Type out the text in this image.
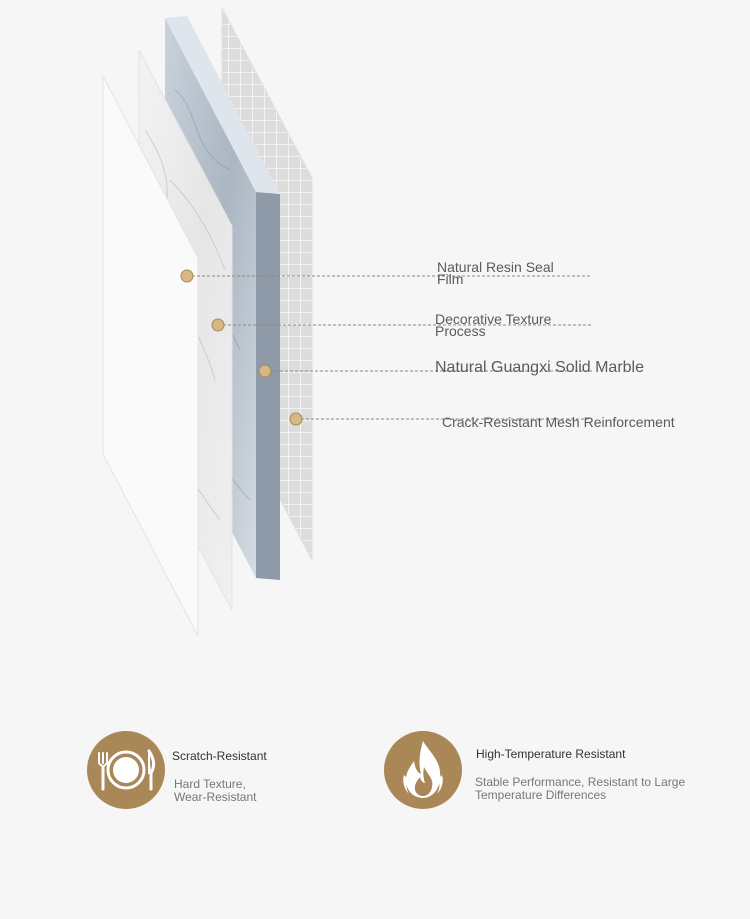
Natural Resin Seal
Film
Decorative Texture
Process
Natural Guangxi Solid Marble
Crack-Resistant Mesh Reinforcement
Scratch-Resistant
Hard Texture,
Wear-Resistant
High-Temperature Resistant
Stable Performance, Resistant to Large
Temperature Differences
